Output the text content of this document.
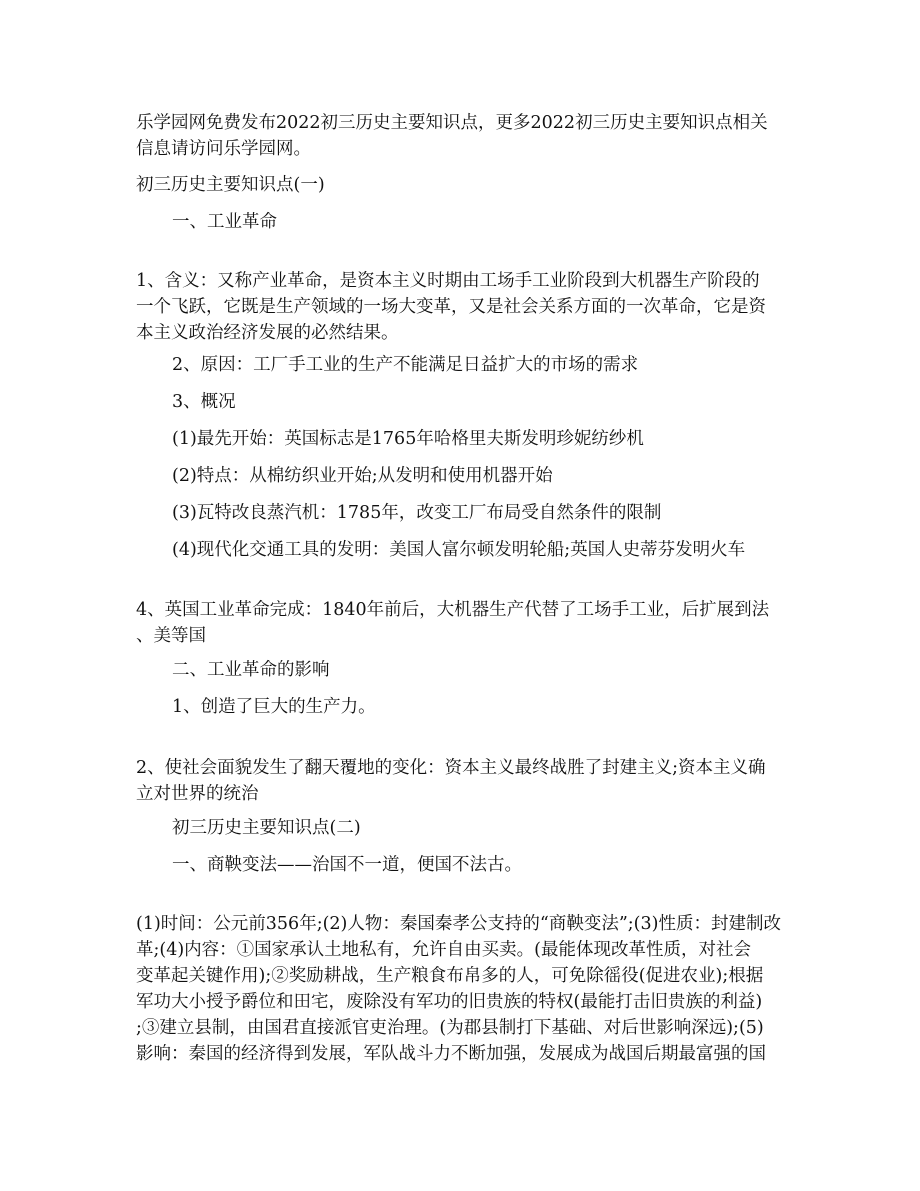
乐学园网免费发布2022初三历史主要知识点，更多2022初三历史主要知识点相关
信息请访问乐学园网。

初三历史主要知识点(一)

一、工业革命

1、含义：又称产业革命，是资本主义时期由工场手工业阶段到大机器生产阶段的
一个飞跃，它既是生产领域的一场大变革，又是社会关系方面的一次革命，它是资
本主义政治经济发展的必然结果。

2、原因：工厂手工业的生产不能满足日益扩大的市场的需求

3、概况

(1)最先开始：英国标志是1765年哈格里夫斯发明珍妮纺纱机

(2)特点：从棉纺织业开始;从发明和使用机器开始

(3)瓦特改良蒸汽机：1785年，改变工厂布局受自然条件的限制

(4)现代化交通工具的发明：美国人富尔顿发明轮船;英国人史蒂芬发明火车

4、英国工业革命完成：1840年前后，大机器生产代替了工场手工业，后扩展到法
、美等国

二、工业革命的影响

1、创造了巨大的生产力。

2、使社会面貌发生了翻天覆地的变化：资本主义最终战胜了封建主义;资本主义确
立对世界的统治

初三历史主要知识点(二)

一、商鞅变法——治国不一道，便国不法古。

(1)时间：公元前356年;(2)人物：秦国秦孝公支持的“商鞅变法”;(3)性质：封建制改
革;(4)内容：①国家承认土地私有，允许自由买卖。(最能体现改革性质，对社会
变革起关键作用);②奖励耕战，生产粮食布帛多的人，可免除徭役(促进农业);根据
军功大小授予爵位和田宅，废除没有军功的旧贵族的特权(最能打击旧贵族的利益)
;③建立县制，由国君直接派官吏治理。(为郡县制打下基础、对后世影响深远);(5)
影响：秦国的经济得到发展，军队战斗力不断加强，发展成为战国后期最富强的国
